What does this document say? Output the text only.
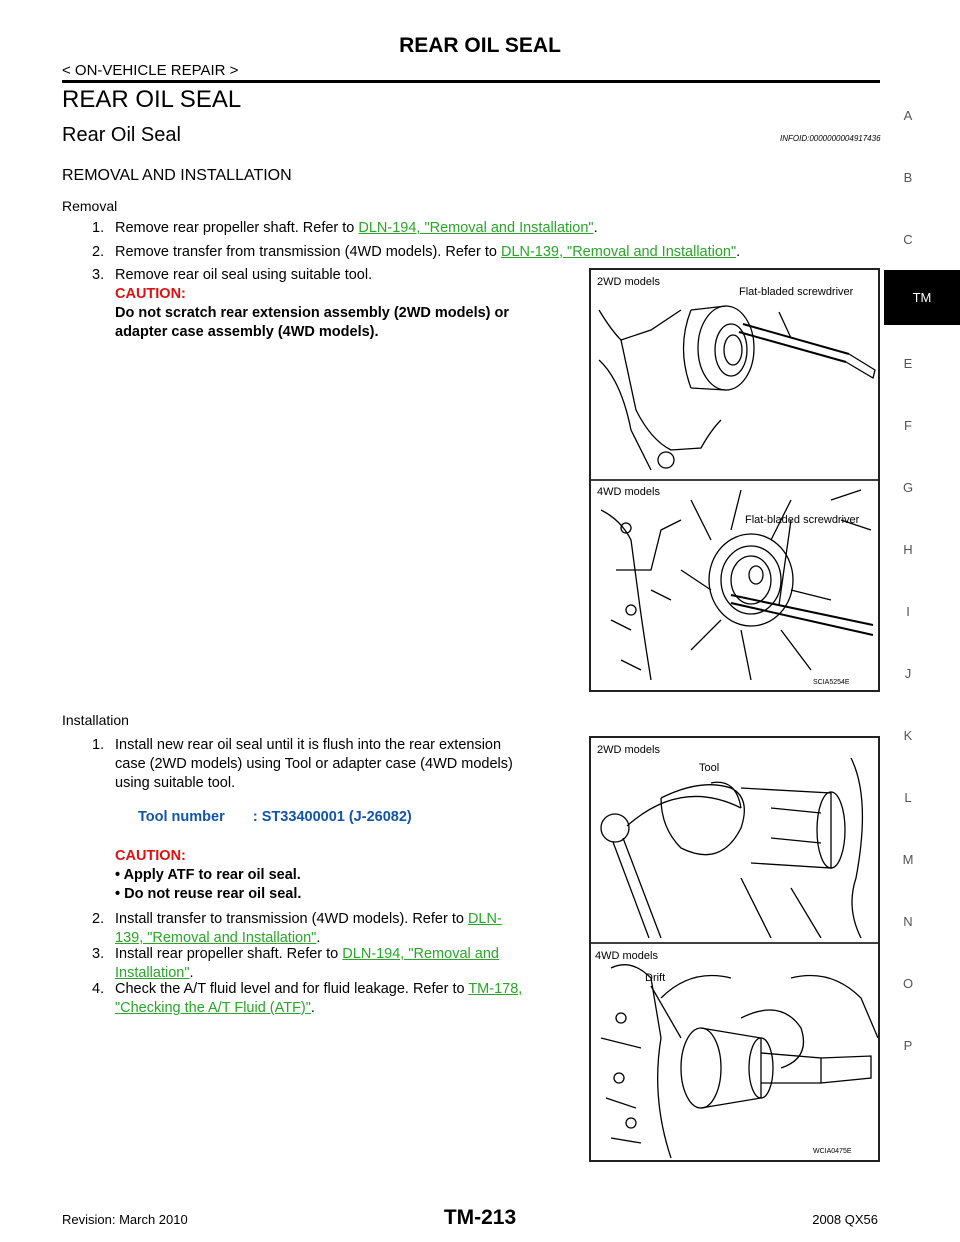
REAR OIL SEAL
< ON-VEHICLE REPAIR >
REAR OIL SEAL
Rear Oil Seal	INFOID:0000000004917436
REMOVAL AND INSTALLATION
Removal
1. Remove rear propeller shaft. Refer to DLN-194, "Removal and Installation".
2. Remove transfer from transmission (4WD models). Refer to DLN-139, "Removal and Installation".
3. Remove rear oil seal using suitable tool.
CAUTION:
Do not scratch rear extension assembly (2WD models) or
adapter case assembly (4WD models).
2WD models
Flat-bladed screwdriver
4WD models
Flat-bladed screwdriver
SCIA5254E
Installation
1. Install new rear oil seal until it is flush into the rear extension
case (2WD models) using Tool or adapter case (4WD models)
using suitable tool.
Tool number       : ST33400001 (J-26082)
CAUTION:
• Apply ATF to rear oil seal.
• Do not reuse rear oil seal.
2. Install transfer to transmission (4WD models). Refer to DLN-
139, "Removal and Installation".
3. Install rear propeller shaft. Refer to DLN-194, "Removal and
Installation".
4. Check the A/T fluid level and for fluid leakage. Refer to TM-178,
"Checking the A/T Fluid (ATF)".
2WD models
Tool
4WD models
Drift
WCIA0475E
A
B
C
TM
E
F
G
H
I
J
K
L
M
N
O
P
TM-213
Revision: March 2010	2008 QX56
